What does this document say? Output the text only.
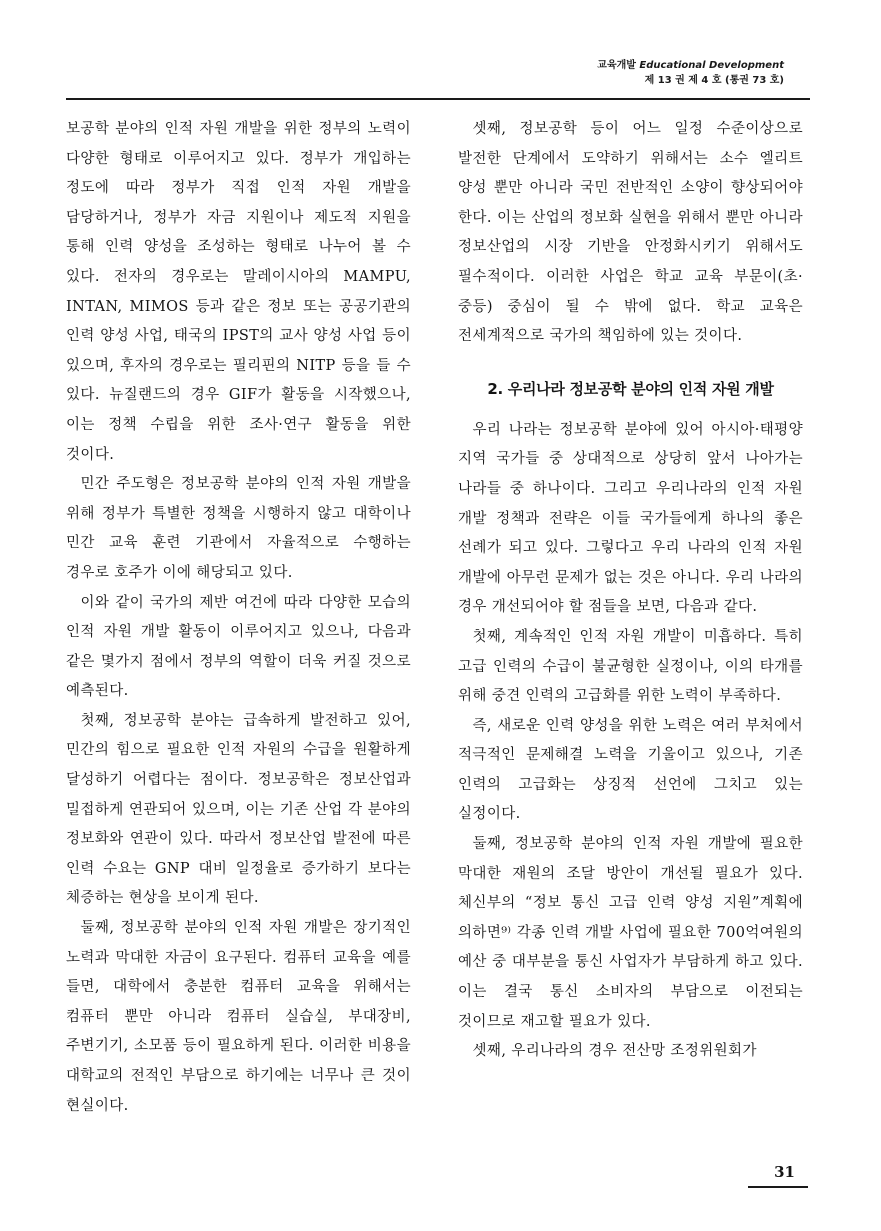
교육개발 Educational Development
제 13 권 제 4 호 (통권 73 호)

보공학 분야의 인적 자원 개발을 위한 정부의 노력이 다양한 형태로 이루어지고 있다. 정부가 개입하는 정도에 따라 정부가 직접 인적 자원 개발을 담당하거나, 정부가 자금 지원이나 제도적 지원을 통해 인력 양성을 조성하는 형태로 나누어 볼 수 있다. 전자의 경우로는 말레이시아의 MAMPU, INTAN, MIMOS 등과 같은 정보 또는 공공기관의 인력 양성 사업, 태국의 IPST의 교사 양성 사업 등이 있으며, 후자의 경우로는 필리핀의 NITP 등을 들 수 있다. 뉴질랜드의 경우 GIF가 활동을 시작했으나, 이는 정책 수립을 위한 조사·연구 활동을 위한 것이다.

민간 주도형은 정보공학 분야의 인적 자원 개발을 위해 정부가 특별한 정책을 시행하지 않고 대학이나 민간 교육 훈련 기관에서 자율적으로 수행하는 경우로 호주가 이에 해당되고 있다.

이와 같이 국가의 제반 여건에 따라 다양한 모습의 인적 자원 개발 활동이 이루어지고 있으나, 다음과 같은 몇가지 점에서 정부의 역할이 더욱 커질 것으로 예측된다.

첫째, 정보공학 분야는 급속하게 발전하고 있어, 민간의 힘으로 필요한 인적 자원의 수급을 원활하게 달성하기 어렵다는 점이다. 정보공학은 정보산업과 밀접하게 연관되어 있으며, 이는 기존 산업 각 분야의 정보화와 연관이 있다. 따라서 정보산업 발전에 따른 인력 수요는 GNP 대비 일정율로 증가하기 보다는 체증하는 현상을 보이게 된다.

둘째, 정보공학 분야의 인적 자원 개발은 장기적인 노력과 막대한 자금이 요구된다. 컴퓨터 교육을 예를 들면, 대학에서 충분한 컴퓨터 교육을 위해서는 컴퓨터 뿐만 아니라 컴퓨터 실습실, 부대장비, 주변기기, 소모품 등이 필요하게 된다. 이러한 비용을 대학교의 전적인 부담으로 하기에는 너무나 큰 것이 현실이다.

셋째, 정보공학 등이 어느 일정 수준이상으로 발전한 단계에서 도약하기 위해서는 소수 엘리트 양성 뿐만 아니라 국민 전반적인 소양이 향상되어야 한다. 이는 산업의 정보화 실현을 위해서 뿐만 아니라 정보산업의 시장 기반을 안정화시키기 위해서도 필수적이다. 이러한 사업은 학교 교육 부문이(초·중등) 중심이 될 수 밖에 없다. 학교 교육은 전세계적으로 국가의 책임하에 있는 것이다.

2. 우리나라 정보공학 분야의 인적 자원 개발

우리 나라는 정보공학 분야에 있어 아시아·태평양 지역 국가들 중 상대적으로 상당히 앞서 나아가는 나라들 중 하나이다. 그리고 우리나라의 인적 자원 개발 정책과 전략은 이들 국가들에게 하나의 좋은 선례가 되고 있다. 그렇다고 우리 나라의 인적 자원 개발에 아무런 문제가 없는 것은 아니다. 우리 나라의 경우 개선되어야 할 점들을 보면, 다음과 같다.

첫째, 계속적인 인적 자원 개발이 미흡하다. 특히 고급 인력의 수급이 불균형한 실정이나, 이의 타개를 위해 중견 인력의 고급화를 위한 노력이 부족하다.

즉, 새로운 인력 양성을 위한 노력은 여러 부처에서 적극적인 문제해결 노력을 기울이고 있으나, 기존 인력의 고급화는 상징적 선언에 그치고 있는 실정이다.

둘째, 정보공학 분야의 인적 자원 개발에 필요한 막대한 재원의 조달 방안이 개선될 필요가 있다. 체신부의 “정보 통신 고급 인력 양성 지원”계획에 의하면⁹⁾ 각종 인력 개발 사업에 필요한 700억여원의 예산 중 대부분을 통신 사업자가 부담하게 하고 있다. 이는 결국 통신 소비자의 부담으로 이전되는 것이므로 재고할 필요가 있다.

셋째, 우리나라의 경우 전산망 조정위원회가

31
